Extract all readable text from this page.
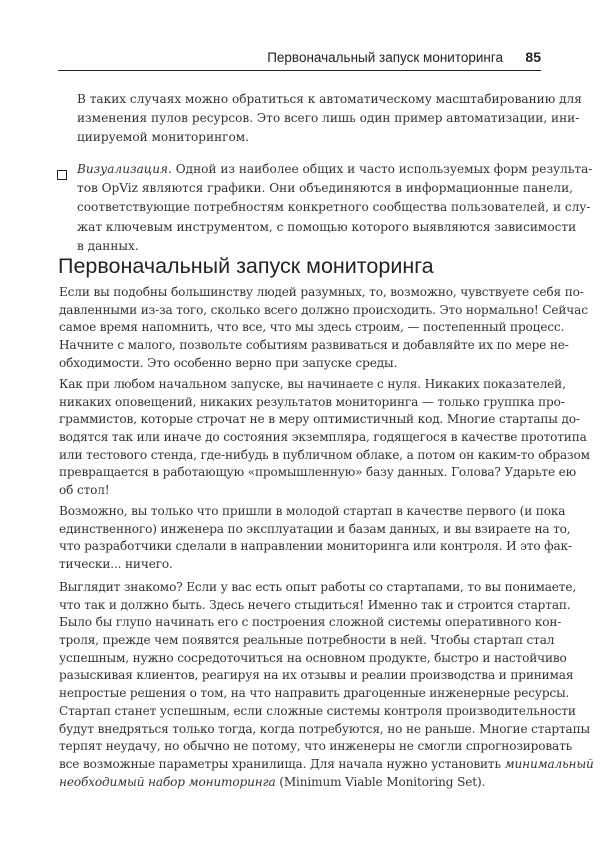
Первоначальный запуск мониторинга 85
В таких случаях можно обратиться к автоматическому масштабированию для
изменения пулов ресурсов. Это всего лишь один пример автоматизации, ини-
циируемой мониторингом.
Визуализация. Одной из наиболее общих и часто используемых форм результа-
тов OpViz являются графики. Они объединяются в информационные панели,
соответствующие потребностям конкретного сообщества пользователей, и слу-
жат ключевым инструментом, с помощью которого выявляются зависимости
в данных.
Первоначальный запуск мониторинга
Если вы подобны большинству людей разумных, то, возможно, чувствуете себя по-
давленными из-за того, сколько всего должно происходить. Это нормально! Сейчас
самое время напомнить, что все, что мы здесь строим, — постепенный процесс.
Начните с малого, позвольте событиям развиваться и добавляйте их по мере не-
обходимости. Это особенно верно при запуске среды.
Как при любом начальном запуске, вы начинаете с нуля. Никаких показателей,
никаких оповещений, никаких результатов мониторинга — только группка про-
граммистов, которые строчат не в меру оптимистичный код. Многие стартапы до-
водятся так или иначе до состояния экземпляра, годящегося в качестве прототипа
или тестового стенда, где-нибудь в публичном облаке, а потом он каким-то образом
превращается в работающую «промышленную» базу данных. Голова? Ударьте ею
об стол!
Возможно, вы только что пришли в молодой стартап в качестве первого (и пока
единственного) инженера по эксплуатации и базам данных, и вы взираете на то,
что разработчики сделали в направлении мониторинга или контроля. И это фак-
тически... ничего.
Выглядит знакомо? Если у вас есть опыт работы со стартапами, то вы понимаете,
что так и должно быть. Здесь нечего стыдиться! Именно так и строится стартап.
Было бы глупо начинать его с построения сложной системы оперативного кон-
троля, прежде чем появятся реальные потребности в ней. Чтобы стартап стал
успешным, нужно сосредоточиться на основном продукте, быстро и настойчиво
разыскивая клиентов, реагируя на их отзывы и реалии производства и принимая
непростые решения о том, на что направить драгоценные инженерные ресурсы.
Стартап станет успешным, если сложные системы контроля производительности
будут внедряться только тогда, когда потребуются, но не раньше. Многие стартапы
терпят неудачу, но обычно не потому, что инженеры не смогли спрогнозировать
все возможные параметры хранилища. Для начала нужно установить минимальный
необходимый набор мониторинга (Minimum Viable Monitoring Set).
